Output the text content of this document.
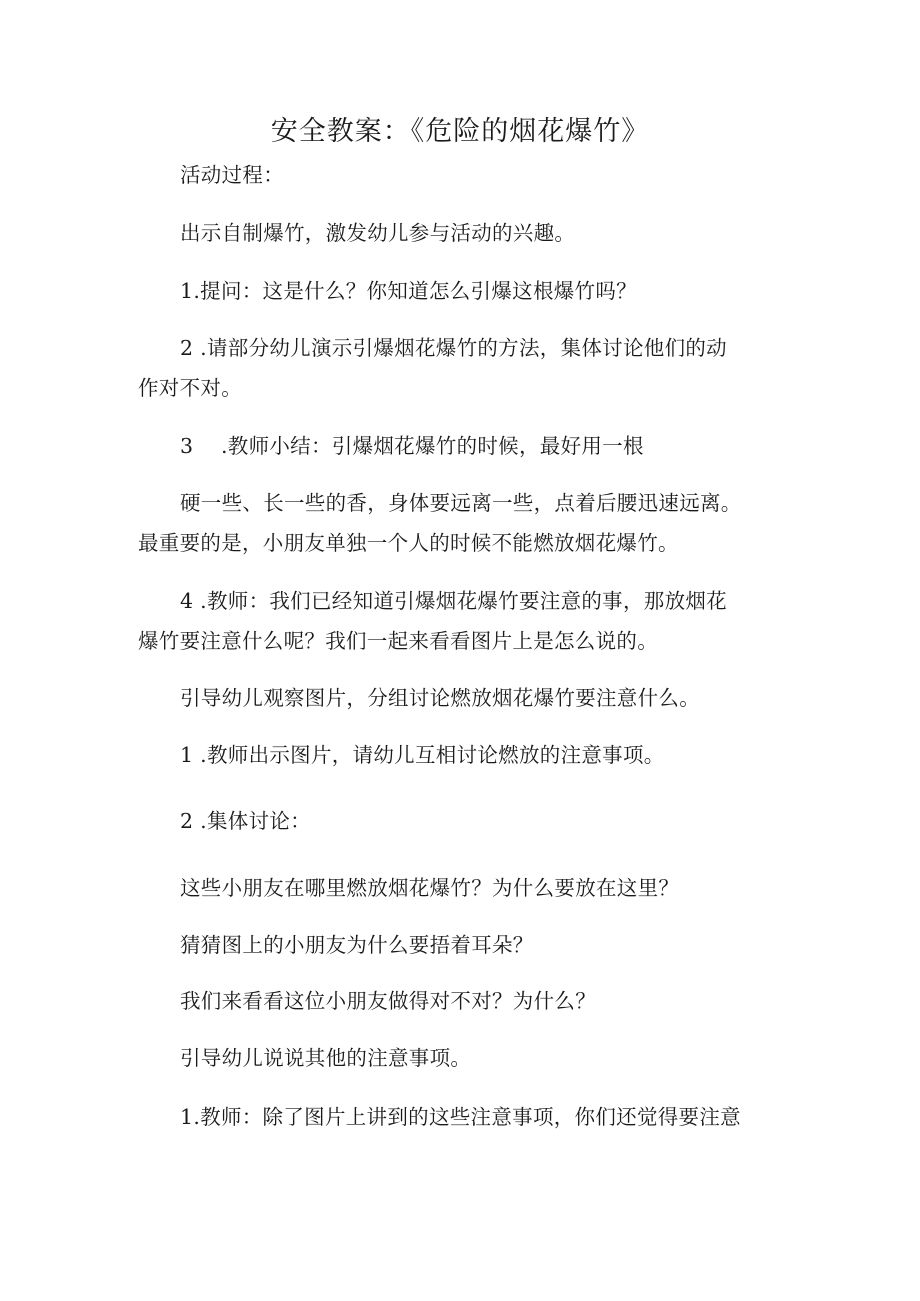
安全教案：《危险的烟花爆竹》
活动过程：
出示自制爆竹，激发幼儿参与活动的兴趣。
1.提问：这是什么？你知道怎么引爆这根爆竹吗？
2 .请部分幼儿演示引爆烟花爆竹的方法，集体讨论他们的动
作对不对。
3 　.教师小结：引爆烟花爆竹的时候，最好用一根
硬一些、长一些的香，身体要远离一些，点着后腰迅速远离。
最重要的是，小朋友单独一个人的时候不能燃放烟花爆竹。
4 .教师：我们已经知道引爆烟花爆竹要注意的事，那放烟花
爆竹要注意什么呢？我们一起来看看图片上是怎么说的。
引导幼儿观察图片，分组讨论燃放烟花爆竹要注意什么。
1 .教师出示图片，请幼儿互相讨论燃放的注意事项。
2 .集体讨论：
这些小朋友在哪里燃放烟花爆竹？为什么要放在这里？
猜猜图上的小朋友为什么要捂着耳朵？
我们来看看这位小朋友做得对不对？为什么？
引导幼儿说说其他的注意事项。
1.教师：除了图片上讲到的这些注意事项，你们还觉得要注意
